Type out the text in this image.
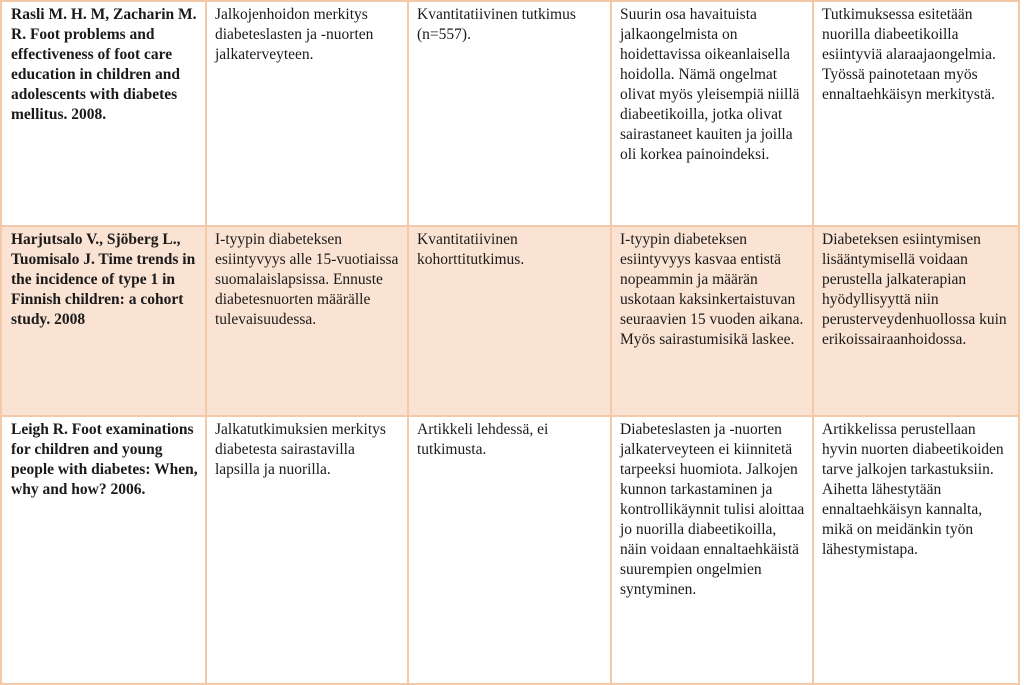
Rasli M. H. M, Zacharin M. R. Foot problems and effectiveness of foot care education in children and adolescents with diabetes mellitus. 2008.	Jalkojenhoidon merkitys diabeteslasten ja -nuorten jalkaterveyteen.	Kvantitatiivinen tutkimus (n=557).	Suurin osa havaituista jalkaongelmista on hoidettavissa oikeanlaisella hoidolla. Nämä ongelmat olivat myös yleisempiä niillä diabeetikoilla, jotka olivat sairastaneet kauiten ja joilla oli korkea painoindeksi.	Tutkimuksessa esitetään nuorilla diabeetikoilla esiintyviä alaraajaongelmia. Työssä painotetaan myös ennaltaehkäisyn merkitystä.
Harjutsalo V., Sjöberg L., Tuomisalo J. Time trends in the incidence of type 1 in Finnish children: a cohort study. 2008	I-tyypin diabeteksen esiintyvyys alle 15-vuotiaissa suomalaislapsissa. Ennuste diabetesnuorten määrälle tulevaisuudessa.	Kvantitatiivinen kohorttitutkimus.	I-tyypin diabeteksen esiintyvyys kasvaa entistä nopeammin ja määrän uskotaan kaksinkertaistuvan seuraavien 15 vuoden aikana. Myös sairastumisikä laskee.	Diabeteksen esiintymisen lisääntymisellä voidaan perustella jalkaterapian hyödyllisyyttä niin perusterveydenhuollossa kuin erikoissairaanhoidossa.
Leigh R. Foot examinations for children and young people with diabetes: When, why and how? 2006.	Jalkatutkimuksien merkitys diabetesta sairastavilla lapsilla ja nuorilla.	Artikkeli lehdessä, ei tutkimusta.	Diabeteslasten ja -nuorten jalkaterveyteen ei kiinnitetä tarpeeksi huomiota. Jalkojen kunnon tarkastaminen ja kontrollikäynnit tulisi aloittaa jo nuorilla diabeetikoilla, näin voidaan ennaltaehkäistä suurempien ongelmien syntyminen.	Artikkelissa perustellaan hyvin nuorten diabeetikoiden tarve jalkojen tarkastuksiin. Aihetta lähestytään ennaltaehkäisyn kannalta, mikä on meidänkin työn lähestymistapa.
